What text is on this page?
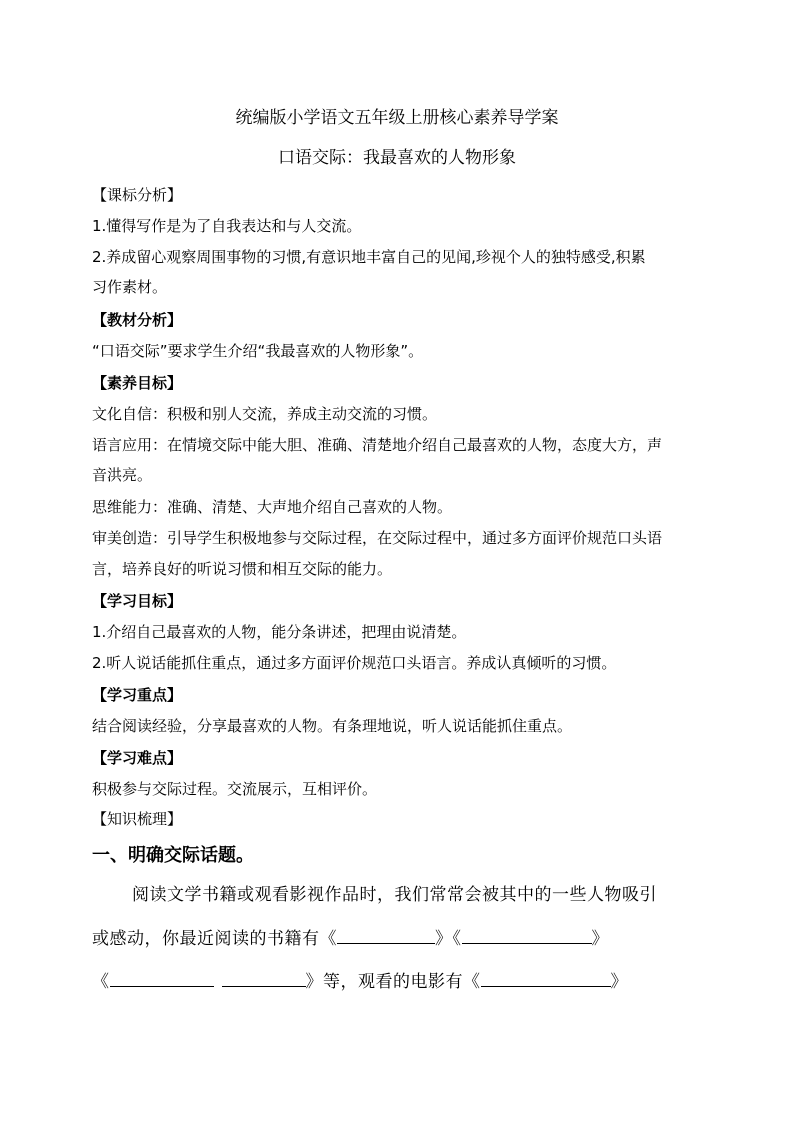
统编版小学语文五年级上册核心素养导学案
口语交际：我最喜欢的人物形象
【课标分析】
1.懂得写作是为了自我表达和与人交流。
2.养成留心观察周围事物的习惯,有意识地丰富自己的见闻,珍视个人的独特感受,积累
习作素材。
【教材分析】
“口语交际”要求学生介绍“我最喜欢的人物形象”。
【素养目标】
文化自信：积极和别人交流，养成主动交流的习惯。
语言应用：在情境交际中能大胆、准确、清楚地介绍自己最喜欢的人物，态度大方，声
音洪亮。
思维能力：准确、清楚、大声地介绍自己喜欢的人物。
审美创造：引导学生积极地参与交际过程，在交际过程中，通过多方面评价规范口头语
言，培养良好的听说习惯和相互交际的能力。
【学习目标】
1.介绍自己最喜欢的人物，能分条讲述，把理由说清楚。
2.听人说话能抓住重点，通过多方面评价规范口头语言。养成认真倾听的习惯。
【学习重点】
结合阅读经验，分享最喜欢的人物。有条理地说，听人说话能抓住重点。
【学习难点】
积极参与交际过程。交流展示，互相评价。
【知识梳理】
一、明确交际话题。
阅读文学书籍或观看影视作品时，我们常常会被其中的一些人物吸引
或感动，你最近阅读的书籍有《	》《	》
《	》等，观看的电影有《	》
